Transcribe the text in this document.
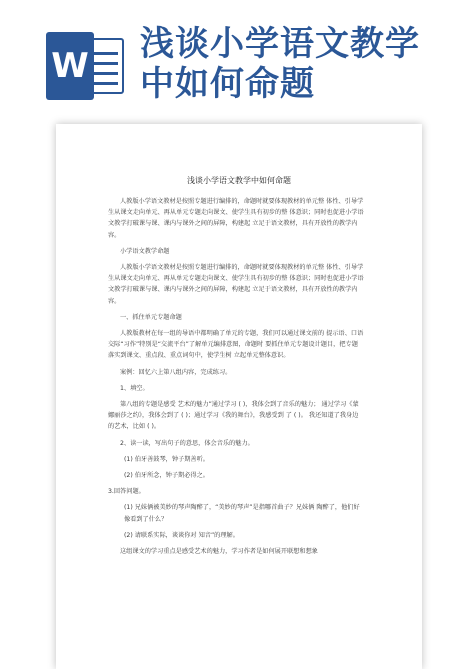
W
浅谈小学语文教学
中如何命题
浅谈小学语文教学中如何命题

人教版小学语文教材是按照专题进行编排的，命题时就要体现教材的单元整 体性、引导学生从课文走向单元、再从单元专题走向课文、使学生具有初步的整 体意识；同时也促进小学语文教学打破课与课、课内与课外之间的屏障，构建起 立足于语文教材，具有开放性的教学内容。

小学语文教学命题

人教版小学语文教材是按照专题进行编排的，命题时就要体现教材的单元整 体性、引导学生从课文走向单元、再从单元专题走向课文、使学生具有初步的整 体意识；同时也促进小学语文教学打破课与课、课内与课外之间的屏障，构建起 立足于语文教材，具有开放性的教学内容。

一、抓住单元专题命题

人教版教材在每一组的导语中都明确了单元的专题，我们可以通过课文前的 提示语、口语交际“习作”特别是“交流平台”了解单元编排意图，命题时 要抓住单元专题设计题目，把专题落实到课文、重点段、重点词句中，使学生树 立起单元整体意识。

案例：回忆六上第八组内容，完成练习。

1、填空。

第八组的专题是感受 艺术的魅力”通过学习 ( )，我体会到了音乐的魅力； 通过学习《蒙娜丽莎之约》，我体会到了 ( )；通过学习《我的舞台》，我感受到 了 ( )。 我还知道了我身边的艺术，比如 ( )。

2、读一读，写出句子的意思，体会音乐的魅力。

(1) 伯牙善鼓琴，钟子期善听。

(2) 伯牙所念，钟子期必得之。

3.回答问题。

(1) 兄妹俩被美妙的琴声陶醉了，“美妙的琴声”是指哪首曲子？兄妹俩 陶醉了，他们好像看到了什么？

(2) 请联系实际，谈谈你对 知音”的理解。

这组课文的学习重点是感受艺术的魅力，学习作者是如何展开联想和想象
